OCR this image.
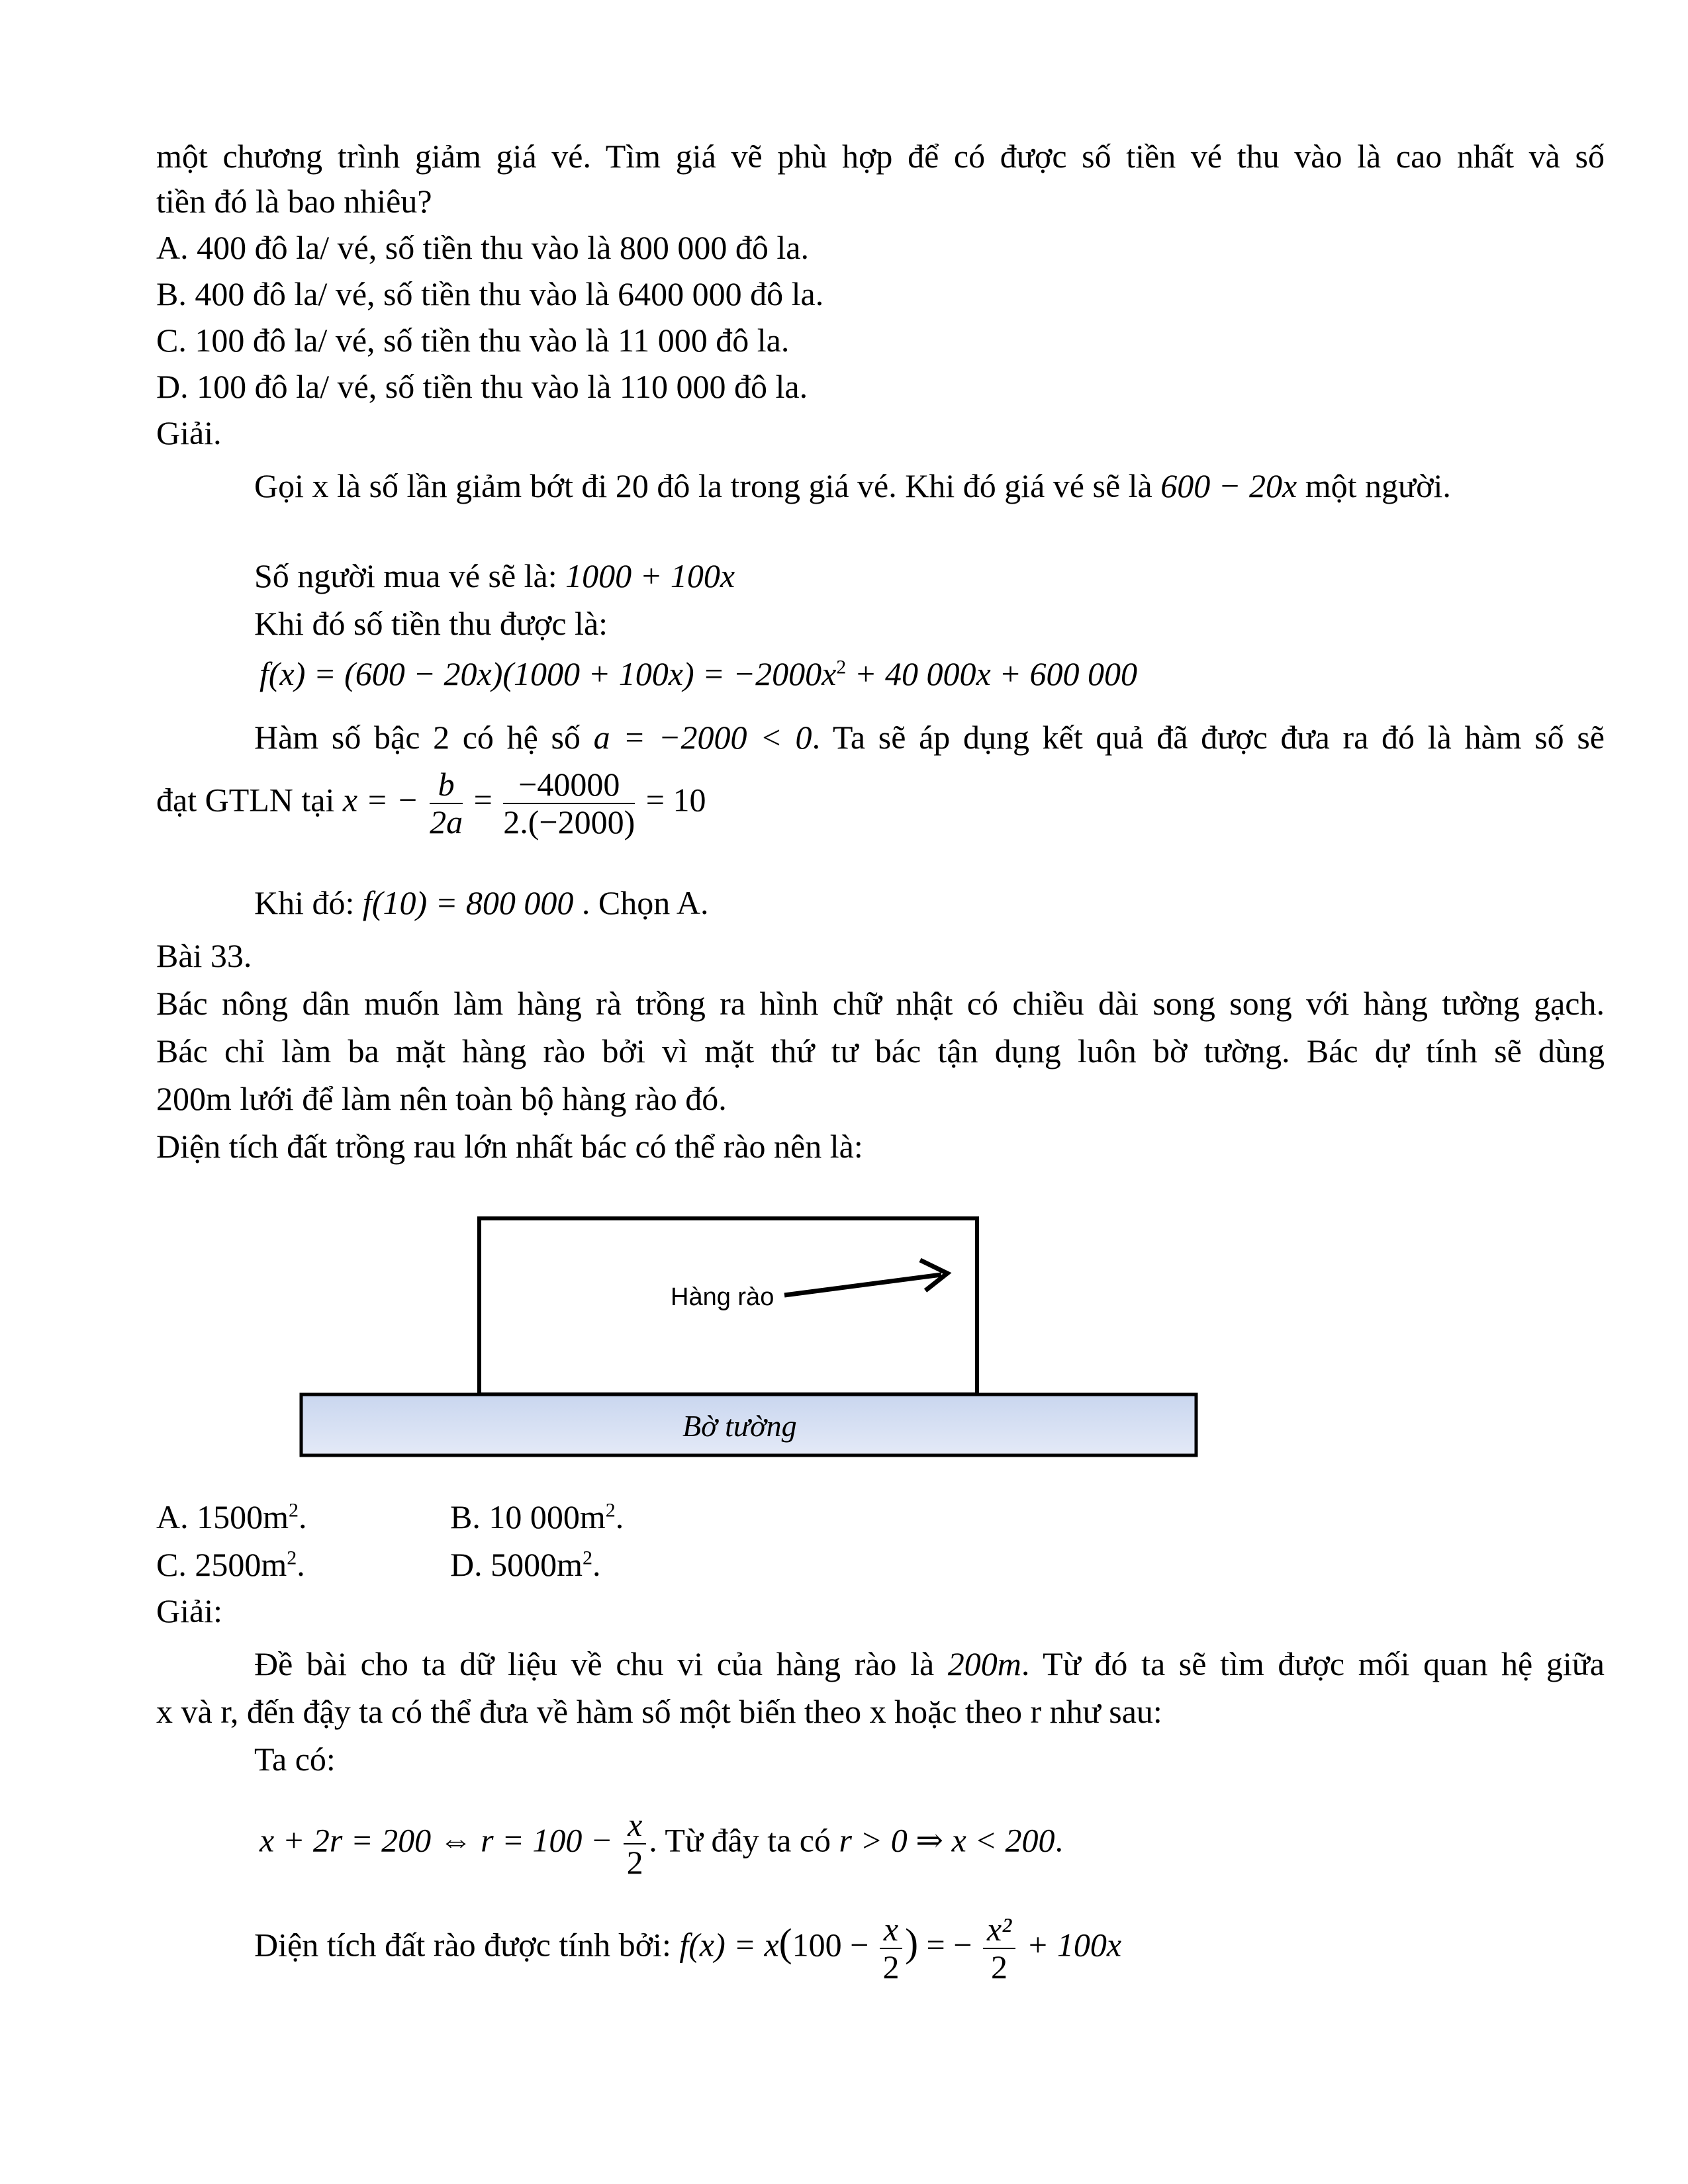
một chương trình giảm giá vé. Tìm giá vẽ phù hợp để có được số tiền vé thu vào là cao nhất và số
tiền đó là bao nhiêu?
A. 400 đô la/ vé, số tiền thu vào là 800 000 đô la.
B. 400 đô la/ vé, số tiền thu vào là 6400 000 đô la.
C. 100 đô la/ vé, số tiền thu vào là 11 000 đô la.
D. 100 đô la/ vé, số tiền thu vào là 110 000 đô la.
Giải.
Gọi x là số lần giảm bớt đi 20 đô la trong giá vé. Khi đó giá vé sẽ là 600 − 20x một người.
Số người mua vé sẽ là: 1000 + 100x
Khi đó số tiền thu được là:
$f(x) = (600 - 20x)(1000 + 100x) = -2000x^2 + 40$ 000x + 600 000
Hàm số bậc 2 có hệ số a = −2000 < 0. Ta sẽ áp dụng kết quả đã được đưa ra đó là hàm số sẽ
đạt GTLN tại x = − $\frac{b}{2a} = \frac{-40000}{2.(-2000)} = 10$
Khi đó: f(10) = 800 000 . Chọn A.
Bài 33.
Bác nông dân muốn làm hàng rà trồng ra hình chữ nhật có chiều dài song song với hàng tường gạch.
Bác chỉ làm ba mặt hàng rào bởi vì mặt thứ tư bác tận dụng luôn bờ tường. Bác dự tính sẽ dùng
200m lưới để làm nên toàn bộ hàng rào đó.
Diện tích đất trồng rau lớn nhất bác có thể rào nên là:
Hàng rào
Bờ tường
A. $1500m^2$.	B. 10 $000m^2$.
C. $2500m^2$.	D. $5000m^2$.
Giải:
Đề bài cho ta dữ liệu về chu vi của hàng rào là 200m. Từ đó ta sẽ tìm được mối quan hệ giữa
x và r, đến đậy ta có thể đưa về hàm số một biến theo x hoặc theo r như sau:
Ta có:
x + 2r = 200 ⇔ $r = 100 - \frac{x}{2}$ . Từ đây ta có r > 0 ⇒ x < 200.
Diện tích đất rào được tính bởi: $f(x) = x(100 - \frac{x}{2}$ ) = − $\frac{\text{x²}}{2} + 100x$
